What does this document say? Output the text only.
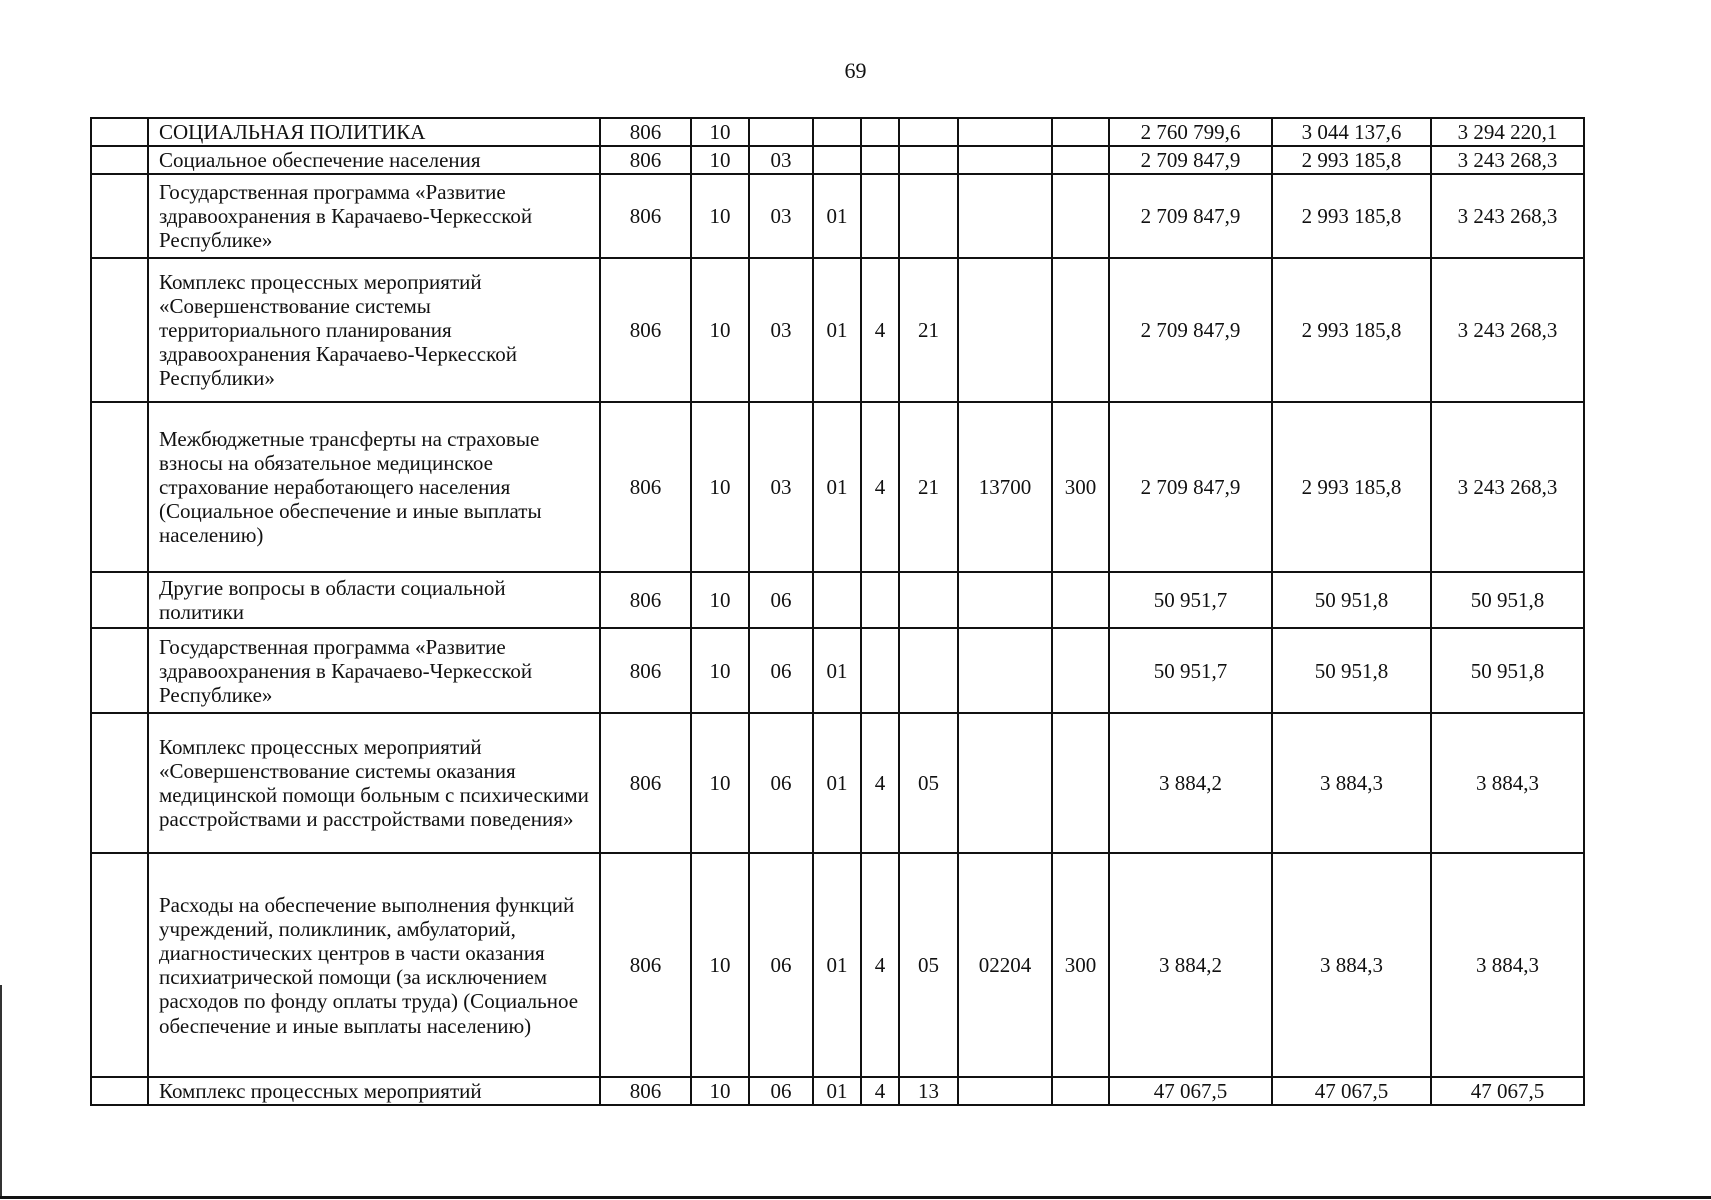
69
	СОЦИАЛЬНАЯ ПОЛИТИКА	806	10							2 760 799,6	3 044 137,6	3 294 220,1
	Социальное обеспечение населения	806	10	03						2 709 847,9	2 993 185,8	3 243 268,3
	Государственная программа «Развитие здравоохранения в Карачаево-Черкесской Республике»	806	10	03	01					2 709 847,9	2 993 185,8	3 243 268,3
	Комплекс процессных мероприятий «Совершенствование системы территориального планирования здравоохранения Карачаево-Черкесской Республики»	806	10	03	01	4	21			2 709 847,9	2 993 185,8	3 243 268,3
	Межбюджетные трансферты на страховые взносы на обязательное медицинское страхование неработающего населения (Социальное обеспечение и иные выплаты населению)	806	10	03	01	4	21	13700	300	2 709 847,9	2 993 185,8	3 243 268,3
	Другие вопросы в области социальной политики	806	10	06						50 951,7	50 951,8	50 951,8
	Государственная программа «Развитие здравоохранения в Карачаево-Черкесской Республике»	806	10	06	01					50 951,7	50 951,8	50 951,8
	Комплекс процессных мероприятий «Совершенствование системы оказания медицинской помощи больным с психическими расстройствами и расстройствами поведения»	806	10	06	01	4	05			3 884,2	3 884,3	3 884,3
	Расходы на обеспечение выполнения функций учреждений, поликлиник, амбулаторий, диагностических центров в части оказания психиатрической помощи (за исключением расходов по фонду оплаты труда) (Социальное обеспечение и иные выплаты населению)	806	10	06	01	4	05	02204	300	3 884,2	3 884,3	3 884,3
	Комплекс процессных мероприятий	806	10	06	01	4	13			47 067,5	47 067,5	47 067,5
